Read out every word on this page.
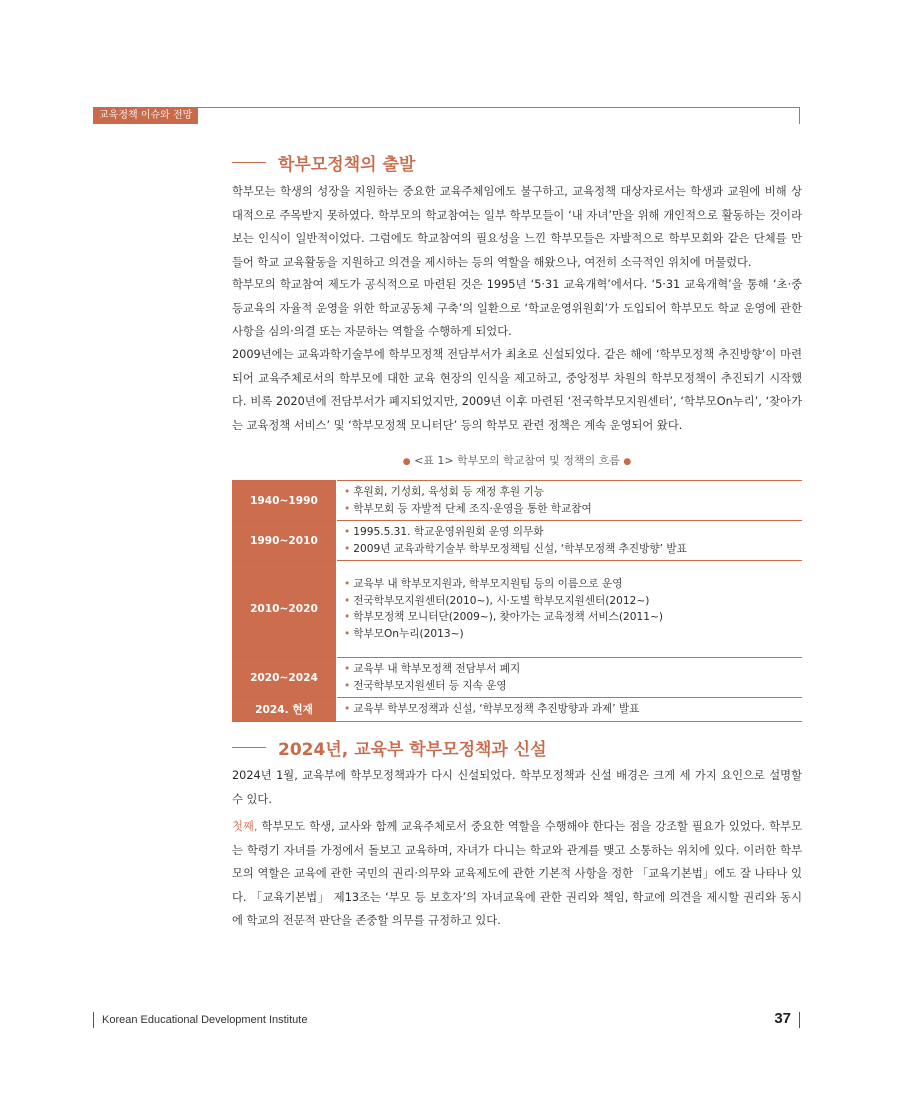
교육정책 이슈와 전망
학부모정책의 출발
학부모는 학생의 성장을 지원하는 중요한 교육주체임에도 불구하고, 교육정책 대상자로서는 학생과 교원에 비해 상대적으로 주목받지 못하였다. 학부모의 학교참여는 일부 학부모들이 ‘내 자녀’만을 위해 개인적으로 활동하는 것이라 보는 인식이 일반적이었다. 그럼에도 학교참여의 필요성을 느낀 학부모들은 자발적으로 학부모회와 같은 단체를 만들어 학교 교육활동을 지원하고 의견을 제시하는 등의 역할을 해왔으나, 여전히 소극적인 위치에 머물렀다.
학부모의 학교참여 제도가 공식적으로 마련된 것은 1995년 ‘5·31 교육개혁’에서다. ‘5·31 교육개혁’을 통해 ‘초·중등교육의 자율적 운영을 위한 학교공동체 구축’의 일환으로 ‘학교운영위원회’가 도입되어 학부모도 학교 운영에 관한 사항을 심의·의결 또는 자문하는 역할을 수행하게 되었다.
2009년에는 교육과학기술부에 학부모정책 전담부서가 최초로 신설되었다. 같은 해에 ‘학부모정책 추진방향’이 마련되어 교육주체로서의 학부모에 대한 교육 현장의 인식을 제고하고, 중앙정부 차원의 학부모정책이 추진되기 시작했다. 비록 2020년에 전담부서가 폐지되었지만, 2009년 이후 마련된 ‘전국학부모지원센터’, ‘학부모On누리’, ‘찾아가는 교육정책 서비스’ 및 ‘학부모정책 모니터단’ 등의 학부모 관련 정책은 계속 운영되어 왔다.
● <표 1> 학부모의 학교참여 및 정책의 흐름 ●
1940~1990	• 후원회, 기성회, 육성회 등 재정 후원 기능
• 학부모회 등 자발적 단체 조직·운영을 통한 학교참여

1990~2010	• 1995.5.31. 학교운영위원회 운영 의무화
• 2009년 교육과학기술부 학부모정책팀 신설, ‘학부모정책 추진방향’ 발표

2010~2020	• 교육부 내 학부모지원과, 학부모지원팀 등의 이름으로 운영
• 전국학부모지원센터(2010~), 시·도별 학부모지원센터(2012~)
• 학부모정책 모니터단(2009~), 찾아가는 교육정책 서비스(2011~)
• 학부모On누리(2013~)

2020~2024	• 교육부 내 학부모정책 전담부서 폐지
• 전국학부모지원센터 등 지속 운영

2024. 현재	• 교육부 학부모정책과 신설, ‘학부모정책 추진방향과 과제’ 발표
2024년, 교육부 학부모정책과 신설
2024년 1월, 교육부에 학부모정책과가 다시 신설되었다. 학부모정책과 신설 배경은 크게 세 가지 요인으로 설명할 수 있다.
첫째, 학부모도 학생, 교사와 함께 교육주체로서 중요한 역할을 수행해야 한다는 점을 강조할 필요가 있었다. 학부모는 학령기 자녀를 가정에서 돌보고 교육하며, 자녀가 다니는 학교와 관계를 맺고 소통하는 위치에 있다. 이러한 학부모의 역할은 교육에 관한 국민의 권리·의무와 교육제도에 관한 기본적 사항을 정한 「교육기본법」에도 잘 나타나 있다. 「교육기본법」 제13조는 ‘부모 등 보호자’의 자녀교육에 관한 권리와 책임, 학교에 의견을 제시할 권리와 동시에 학교의 전문적 판단을 존중할 의무를 규정하고 있다.
Korean Educational Development Institute	37
